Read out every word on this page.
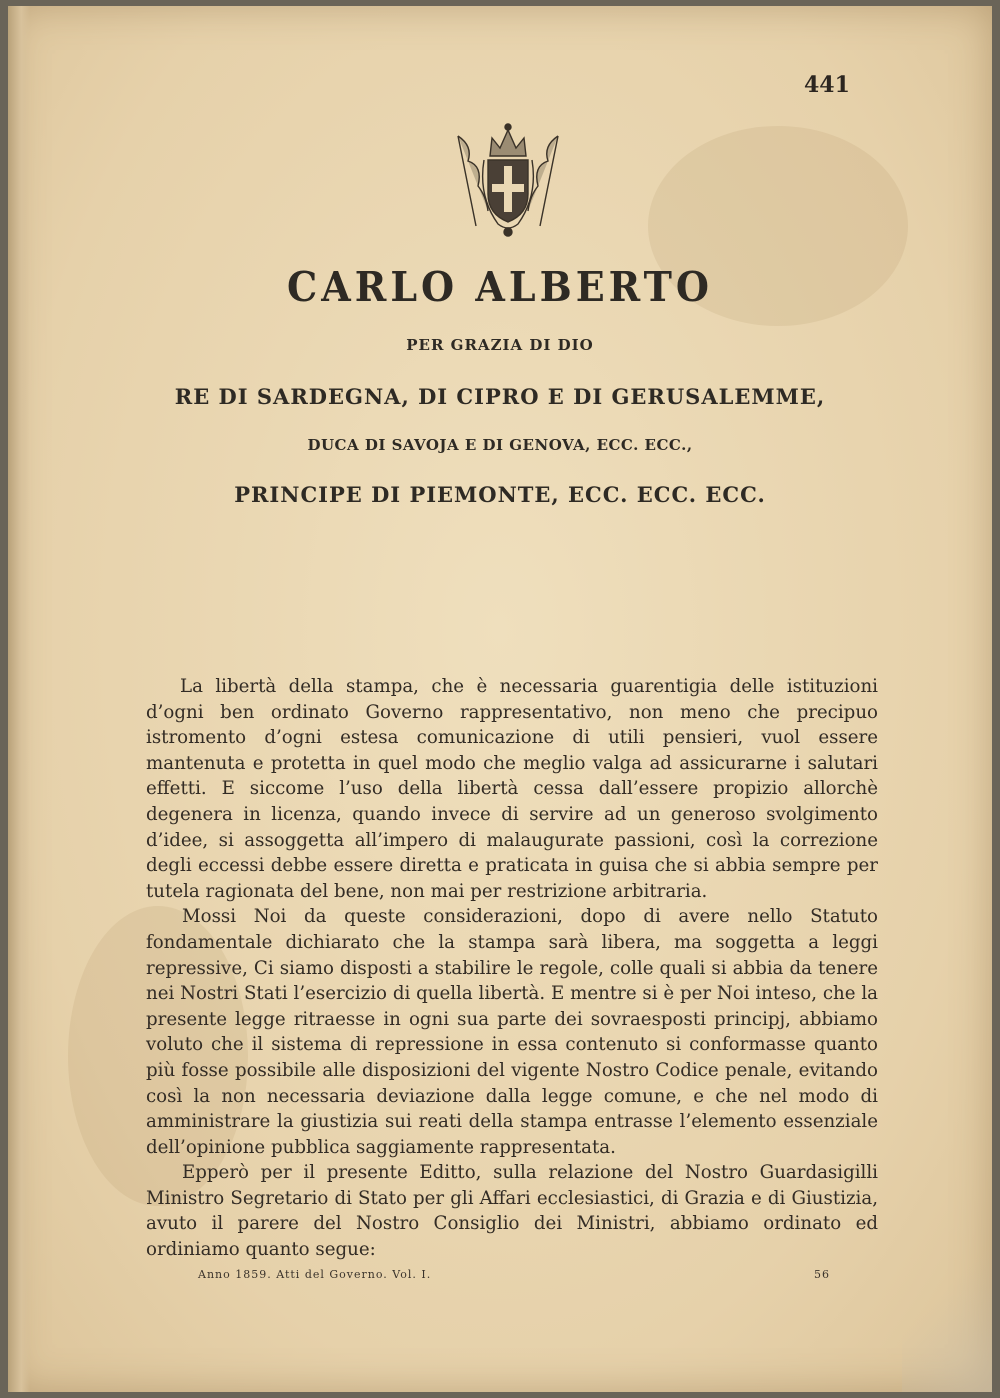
441
CARLO ALBERTO
PER GRAZIA DI DIO
RE DI SARDEGNA, DI CIPRO E DI GERUSALEMME,
DUCA DI SAVOJA E DI GENOVA, ECC. ECC.,
PRINCIPE DI PIEMONTE, ECC. ECC. ECC.

La libertà della stampa, che è necessaria guarentigia delle istituzioni d’ogni ben ordinato Governo rappresentativo, non meno che precipuo istromento d’ogni estesa comunicazione di utili pensieri, vuol essere mantenuta e protetta in quel modo che meglio valga ad assicurarne i salutari effetti. E siccome l’uso della libertà cessa dall’essere propizio allorchè degenera in licenza, quando invece di servire ad un generoso svolgimento d’idee, si assoggetta all’impero di malaugurate passioni, così la correzione degli eccessi debbe essere diretta e praticata in guisa che si abbia sempre per tutela ragionata del bene, non mai per restrizione arbitraria.

Mossi Noi da queste considerazioni, dopo di avere nello Statuto fondamentale dichiarato che la stampa sarà libera, ma soggetta a leggi repressive, Ci siamo disposti a stabilire le regole, colle quali si abbia da tenere nei Nostri Stati l’esercizio di quella libertà. E mentre si è per Noi inteso, che la presente legge ritraesse in ogni sua parte dei sovraesposti principj, abbiamo voluto che il sistema di repressione in essa contenuto si conformasse quanto più fosse possibile alle disposizioni del vigente Nostro Codice penale, evitando così la non necessaria deviazione dalla legge comune, e che nel modo di amministrare la giustizia sui reati della stampa entrasse l’elemento essenziale dell’opinione pubblica saggiamente rappresentata.

Epperò per il presente Editto, sulla relazione del Nostro Guardasigilli Ministro Segretario di Stato per gli Affari ecclesiastici, di Grazia e di Giustizia, avuto il parere del Nostro Consiglio dei Ministri, abbiamo ordinato ed ordiniamo quanto segue:

Anno 1859. Atti del Governo. Vol. I.	56
